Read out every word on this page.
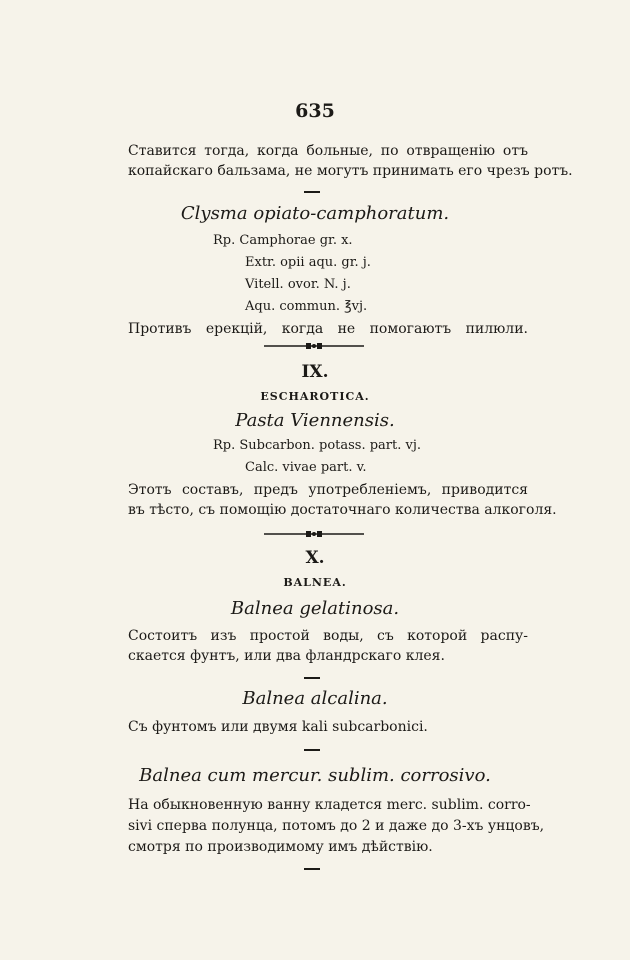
635
Ставится тогда, когда больные, по отвращенію отъ
копайскаго бальзама, не могутъ принимать его чрезъ ротъ.
Clysma opiato-camphoratum.
Rp. Camphorae gr. x.
Extr. opii aqu. gr. j.
Vitell. ovor. N. j.
Aqu. commun. ℥vj.
Противъ ерекцій, когда не помогаютъ пилюли.
IX.
ESCHAROTICA.
Pasta Viennensis.
Rp. Subcarbon. potass. part. vj.
Calc. vivae part. v.
Этотъ составъ, предъ употребленіемъ, приводится
въ тѣсто, съ помощію достаточнаго количества алкоголя.
X.
BALNEA.
Balnea gelatinosa.
Состоитъ изъ простой воды, съ которой распу-
скается фунтъ, или два фландрскаго клея.
Balnea alcalina.
Съ фунтомъ или двумя kali subcarbonici.
Balnea cum mercur. sublim. corrosivo.
На обыкновенную ванну кладется merc. sublim. corro-
sivi сперва полунца, потомъ до 2 и даже до 3-хъ унцовъ,
смотря по производимому имъ дѣйствію.
